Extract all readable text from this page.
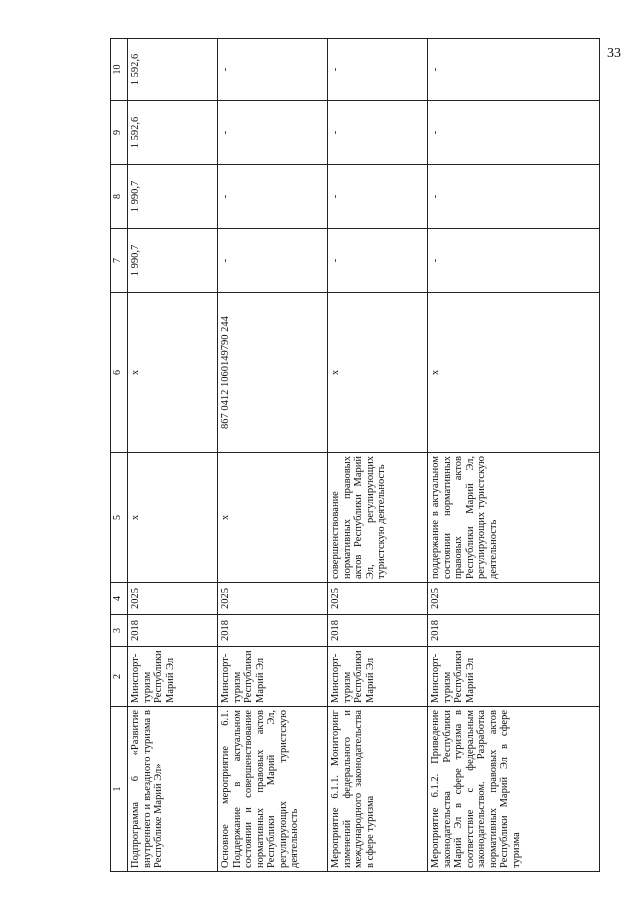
33
1	2	3	4	5	6	7	8	9	10
Подпрограмма 6 «Развитие внутреннего и въездного туризма в Республике Марий Эл»	Минспорт-туризм Республики Марий Эл	2018	2025	х	х	1 990,7	1 990,7	1 592,6	1 592,6
Основное мероприятие 6.1. Поддержание в актуальном состоянии и совершенствование нормативных правовых актов Республики Марий Эл, регулирующих туристскую деятельность	Минспорт-туризм Республики Марий Эл	2018	2025	х	867 0412 1060149790 244	-	-	-	-
Мероприятие 6.1.1. Мониторинг изменений федерального и международного законодательства в сфере туризма	Минспорт-туризм Республики Марий Эл	2018	2025	совершенствование нормативных правовых актов Республики Марий Эл, регулирующих туристскую деятельность	х	-	-	-	-
Мероприятие 6.1.2. Приведение законодательства Республики Марий Эл в сфере туризма в соответствие с федеральным законодательством. Разработка нормативных правовых актов Республики Марий Эл в сфере туризма	Минспорт-туризм Республики Марий Эл	2018	2025	поддержание в актуальном состоянии нормативных правовых актов Республики Марий Эл, регулирующих туристскую деятельность	х	-	-	-	-
